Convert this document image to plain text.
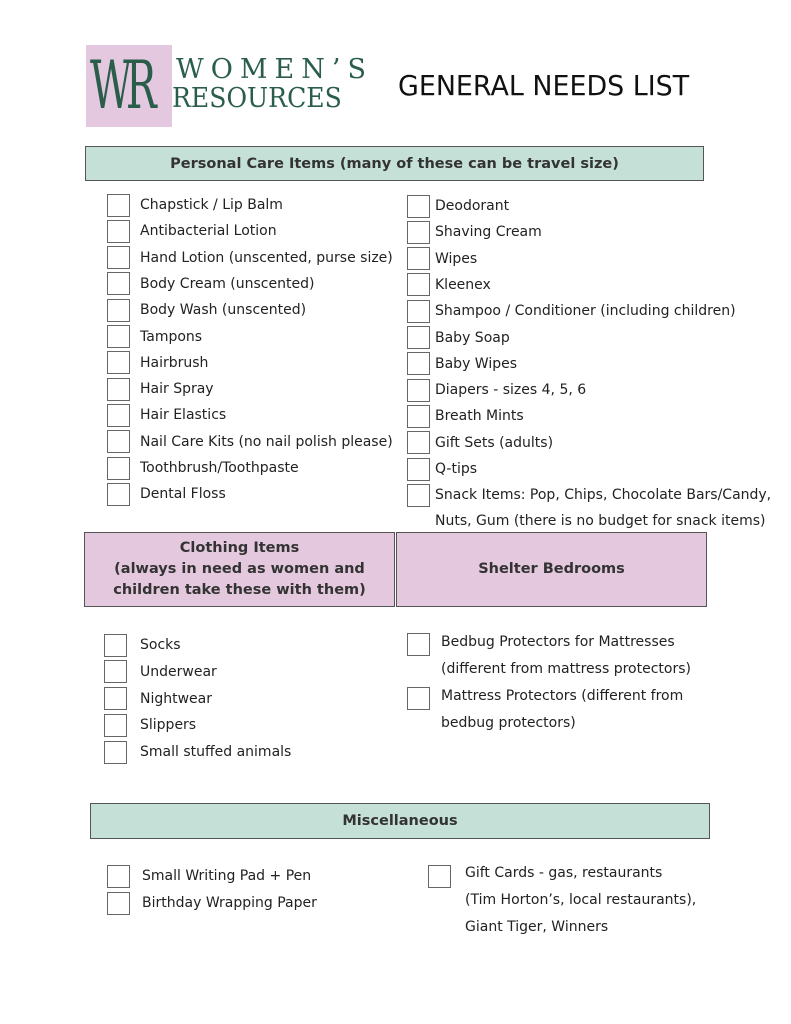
WR WOMEN’S
RESOURCES GENERAL NEEDS LIST
Personal Care Items (many of these can be travel size)
Chapstick / Lip Balm
Antibacterial Lotion
Hand Lotion (unscented, purse size)
Body Cream (unscented)
Body Wash (unscented)
Tampons
Hairbrush
Hair Spray
Hair Elastics
Nail Care Kits (no nail polish please)
Toothbrush/Toothpaste
Dental Floss
Deodorant
Shaving Cream
Wipes
Kleenex
Shampoo / Conditioner (including children)
Baby Soap
Baby Wipes
Diapers - sizes 4, 5, 6
Breath Mints
Gift Sets (adults)
Q-tips
Snack Items: Pop, Chips, Chocolate Bars/Candy,
Nuts, Gum (there is no budget for snack items)
Clothing Items
(always in need as women and
children take these with them)
Shelter Bedrooms
Socks
Underwear
Nightwear
Slippers
Small stuffed animals
Bedbug Protectors for Mattresses
(different from mattress protectors)
Mattress Protectors (different from
bedbug protectors)
Miscellaneous
Small Writing Pad + Pen
Birthday Wrapping Paper
Gift Cards - gas, restaurants
(Tim Horton’s, local restaurants),
Giant Tiger, Winners
